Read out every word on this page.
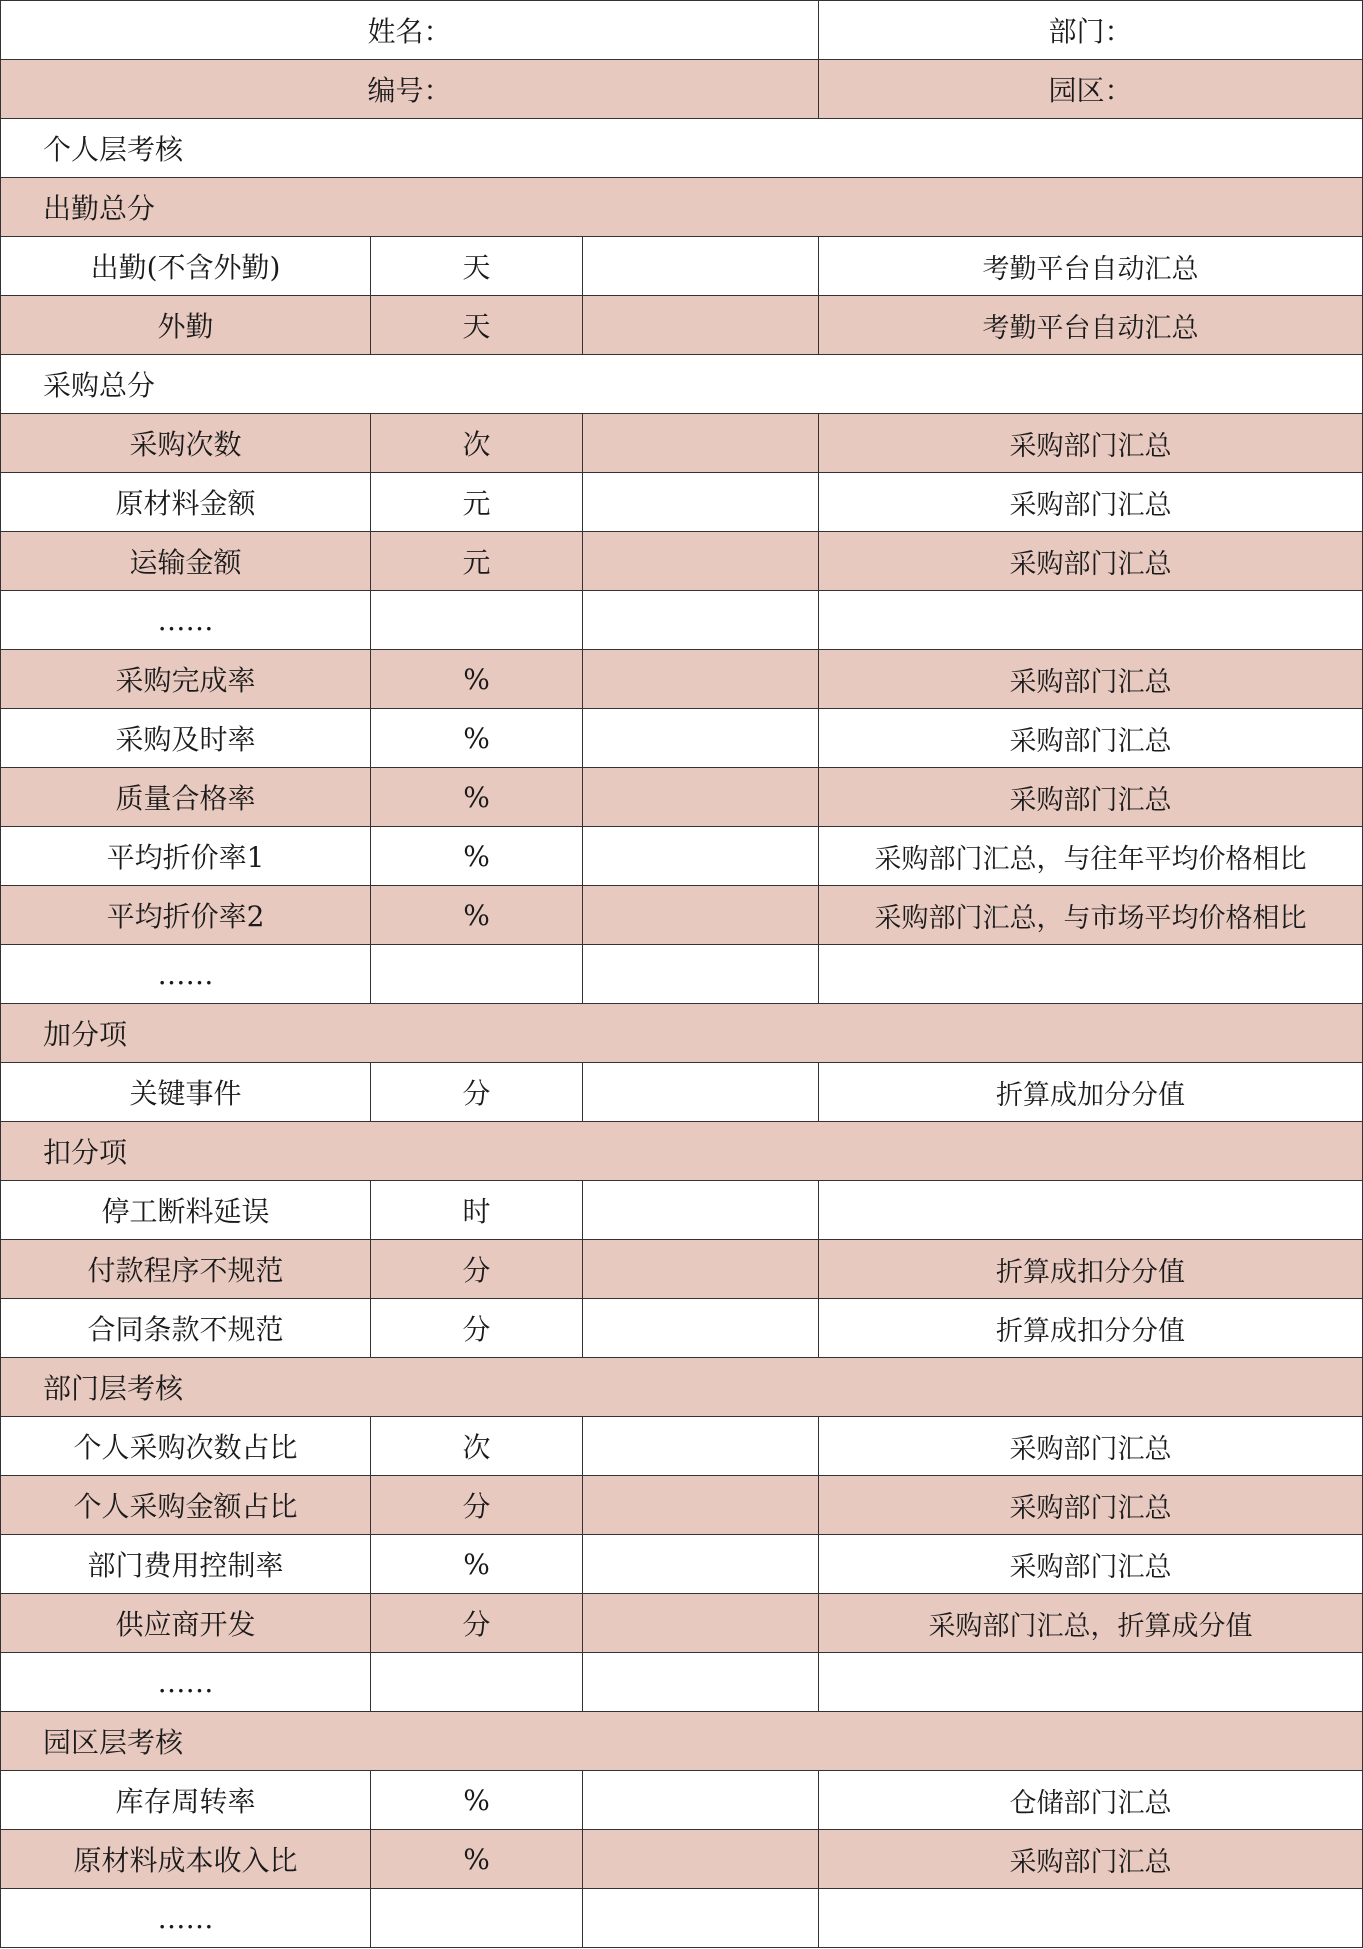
姓名：			部门：
编号：			园区：
个人层考核			
出勤总分			
出勤(不含外勤)	天		考勤平台自动汇总
外勤	天		考勤平台自动汇总
采购总分			
采购次数	次		采购部门汇总
原材料金额	元		采购部门汇总
运输金额	元		采购部门汇总
……			
采购完成率	%		采购部门汇总
采购及时率	%		采购部门汇总
质量合格率	%		采购部门汇总
平均折价率1	%		采购部门汇总，与往年平均价格相比
平均折价率2	%		采购部门汇总，与市场平均价格相比
……			
加分项			
关键事件	分		折算成加分分值
扣分项			
停工断料延误	时		
付款程序不规范	分		折算成扣分分值
合同条款不规范	分		折算成扣分分值
部门层考核			
个人采购次数占比	次		采购部门汇总
个人采购金额占比	分		采购部门汇总
部门费用控制率	%		采购部门汇总
供应商开发	分		采购部门汇总，折算成分值
……			
园区层考核			
库存周转率	%		仓储部门汇总
原材料成本收入比	%		采购部门汇总
……			
